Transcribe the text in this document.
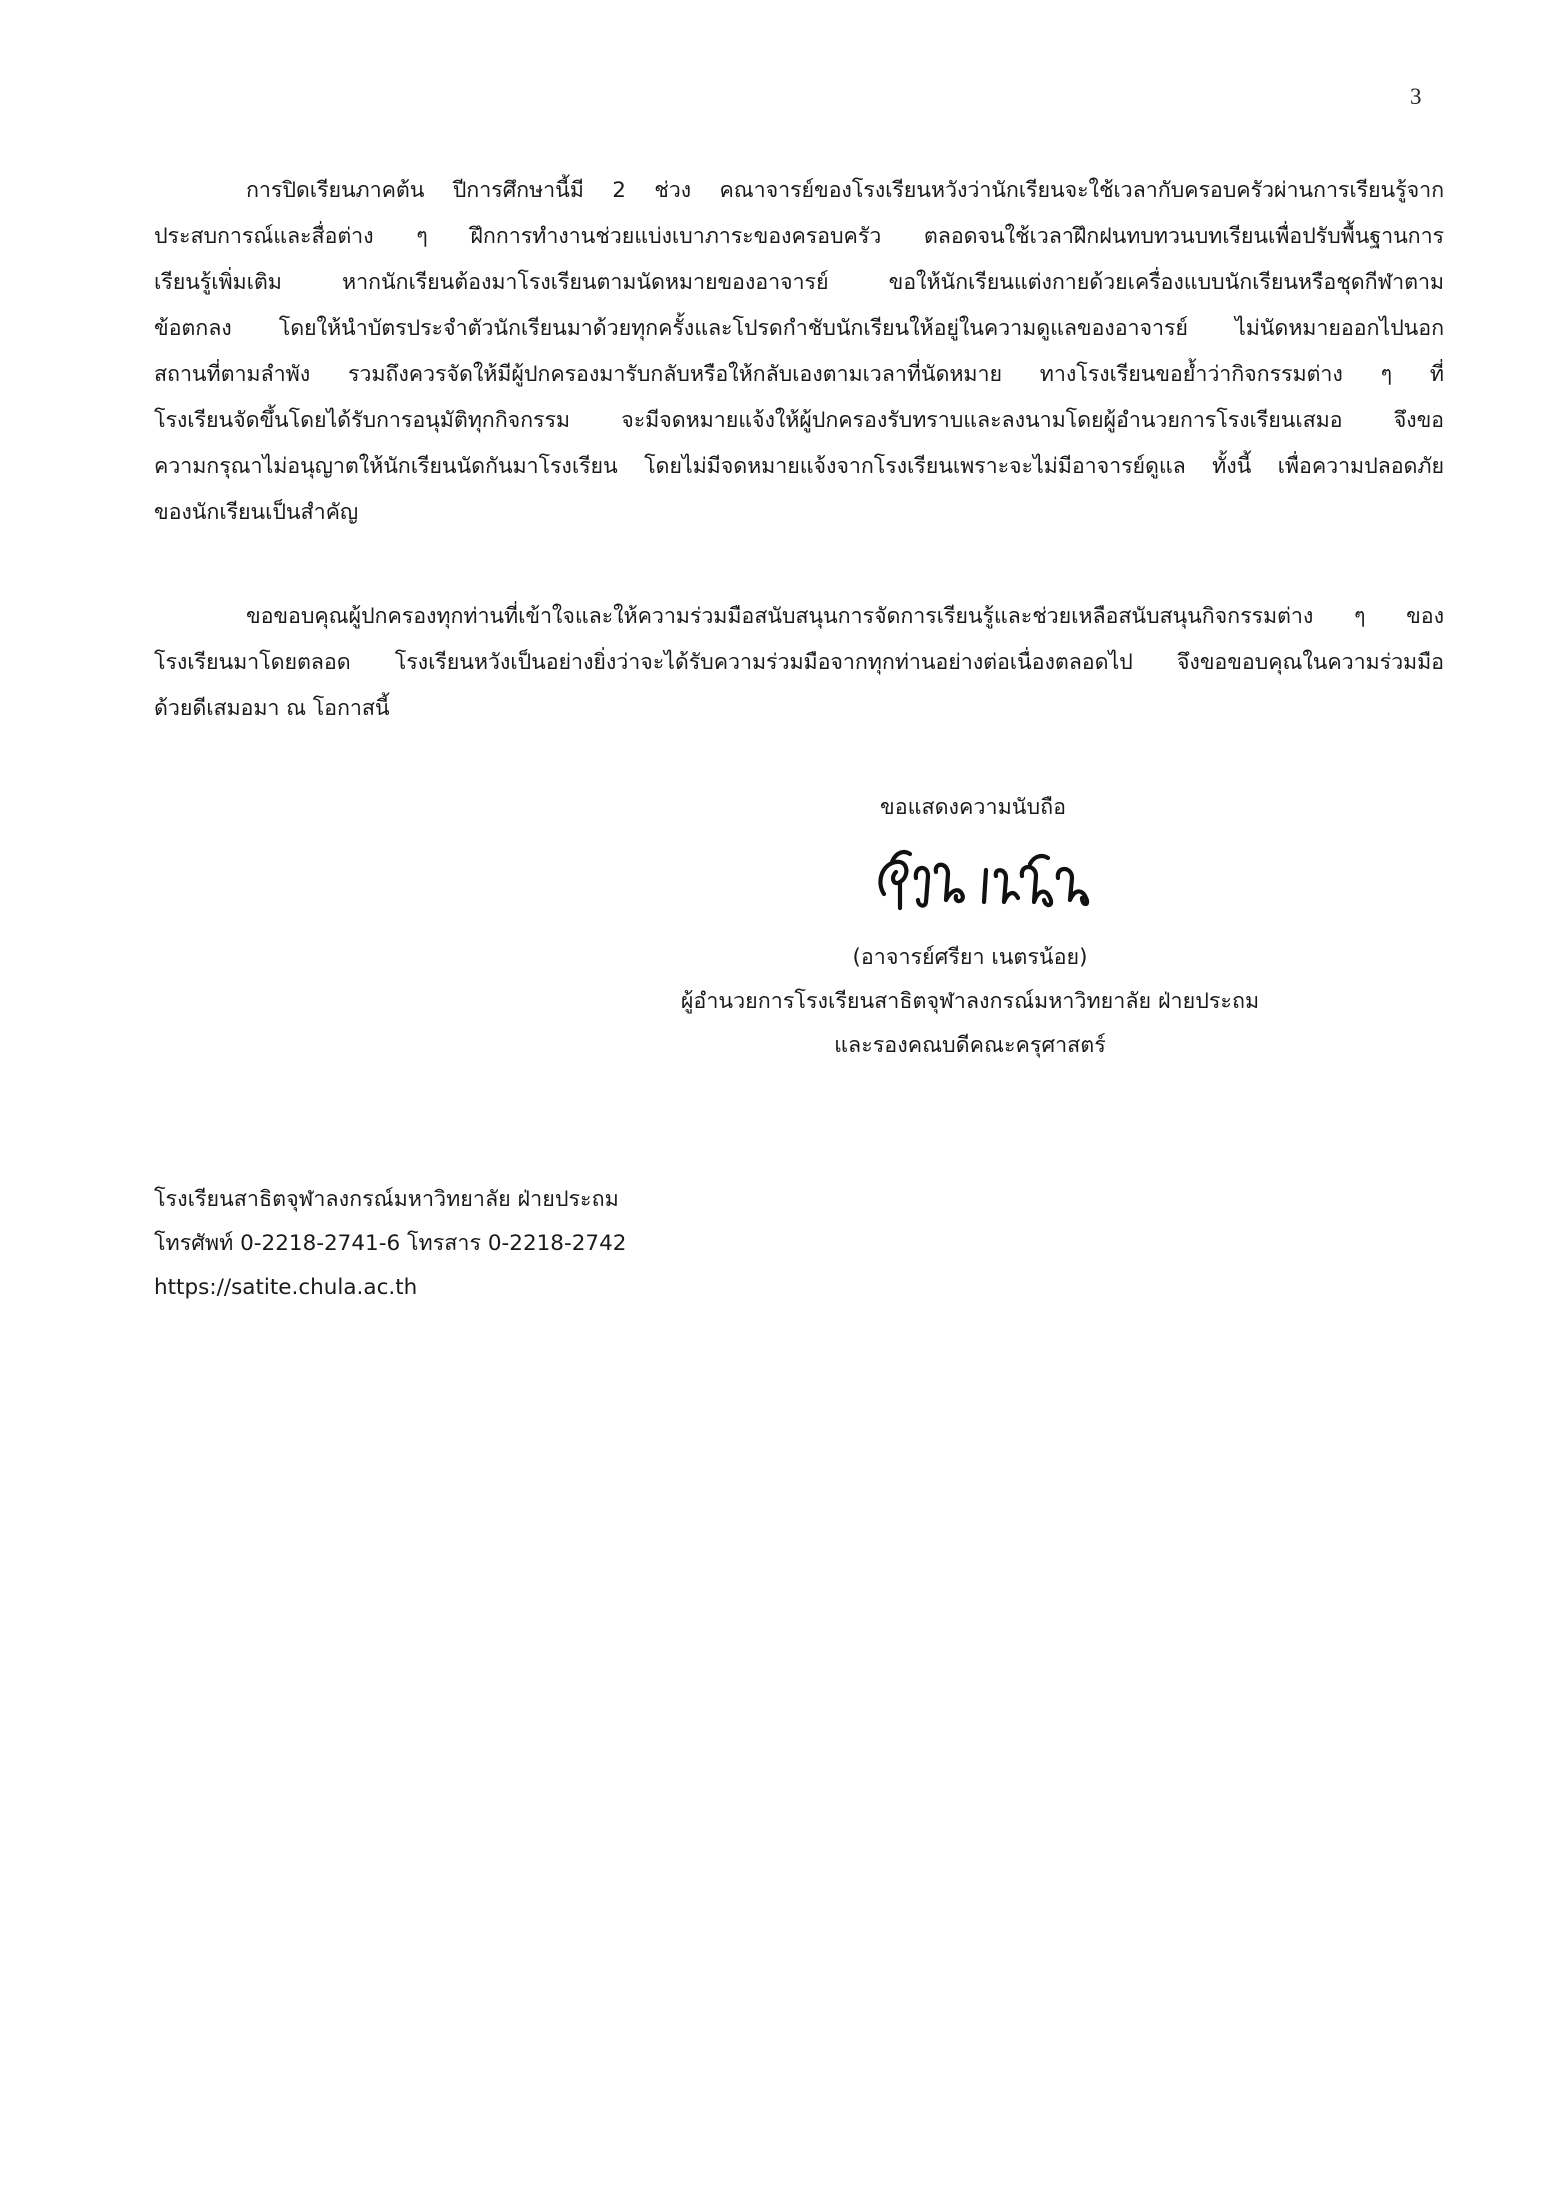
3
การปิดเรียนภาคต้น ปีการศึกษานี้มี 2 ช่วง คณาจารย์ของโรงเรียนหวังว่านักเรียนจะใช้เวลากับครอบครัวผ่านการเรียนรู้จาก
ประสบการณ์และสื่อต่าง ๆ ฝึกการทำงานช่วยแบ่งเบาภาระของครอบครัว ตลอดจนใช้เวลาฝึกฝนทบทวนบทเรียนเพื่อปรับพื้นฐานการ
เรียนรู้เพิ่มเติม หากนักเรียนต้องมาโรงเรียนตามนัดหมายของอาจารย์ ขอให้นักเรียนแต่งกายด้วยเครื่องแบบนักเรียนหรือชุดกีฬาตาม
ข้อตกลง โดยให้นำบัตรประจำตัวนักเรียนมาด้วยทุกครั้งและโปรดกำชับนักเรียนให้อยู่ในความดูแลของอาจารย์ ไม่นัดหมายออกไปนอก
สถานที่ตามลำพัง รวมถึงควรจัดให้มีผู้ปกครองมารับกลับหรือให้กลับเองตามเวลาที่นัดหมาย ทางโรงเรียนขอย้ำว่ากิจกรรมต่าง ๆ ที่
โรงเรียนจัดขึ้นโดยได้รับการอนุมัติทุกกิจกรรม จะมีจดหมายแจ้งให้ผู้ปกครองรับทราบและลงนามโดยผู้อำนวยการโรงเรียนเสมอ จึงขอ
ความกรุณาไม่อนุญาตให้นักเรียนนัดกันมาโรงเรียน โดยไม่มีจดหมายแจ้งจากโรงเรียนเพราะจะไม่มีอาจารย์ดูแล ทั้งนี้ เพื่อความปลอดภัย
ของนักเรียนเป็นสำคัญ
ขอขอบคุณผู้ปกครองทุกท่านที่เข้าใจและให้ความร่วมมือสนับสนุนการจัดการเรียนรู้และช่วยเหลือสนับสนุนกิจกรรมต่าง ๆ ของ
โรงเรียนมาโดยตลอด โรงเรียนหวังเป็นอย่างยิ่งว่าจะได้รับความร่วมมือจากทุกท่านอย่างต่อเนื่องตลอดไป จึงขอขอบคุณในความร่วมมือ
ด้วยดีเสมอมา ณ โอกาสนี้
ขอแสดงความนับถือ
(อาจารย์ศรียา เนตรน้อย)
ผู้อำนวยการโรงเรียนสาธิตจุฬาลงกรณ์มหาวิทยาลัย ฝ่ายประถม
และรองคณบดีคณะครุศาสตร์
โรงเรียนสาธิตจุฬาลงกรณ์มหาวิทยาลัย ฝ่ายประถม
โทรศัพท์ 0-2218-2741-6 โทรสาร 0-2218-2742
https://satite.chula.ac.th
